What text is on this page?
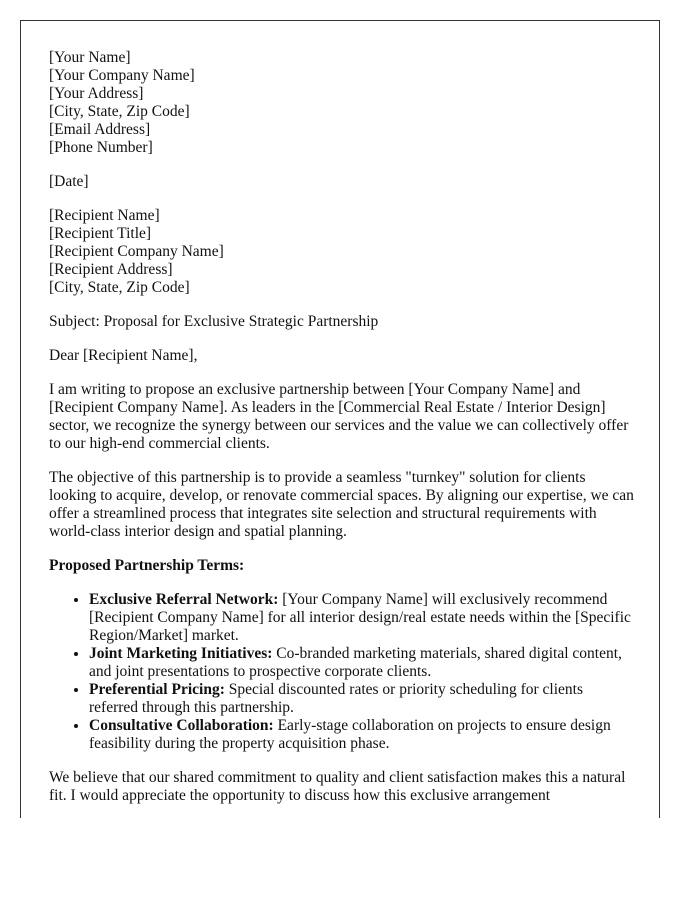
[Your Name]
[Your Company Name]
[Your Address]
[City, State, Zip Code]
[Email Address]
[Phone Number]
[Date]
[Recipient Name]
[Recipient Title]
[Recipient Company Name]
[Recipient Address]
[City, State, Zip Code]
Subject: Proposal for Exclusive Strategic Partnership
Dear [Recipient Name],

I am writing to propose an exclusive partnership between [Your Company Name] and [Recipient Company Name]. As leaders in the [Commercial Real Estate / Interior Design] sector, we recognize the synergy between our services and the value we can collectively offer to our high-end commercial clients.

The objective of this partnership is to provide a seamless "turnkey" solution for clients looking to acquire, develop, or renovate commercial spaces. By aligning our expertise, we can offer a streamlined process that integrates site selection and structural requirements with world-class interior design and spatial planning.

Proposed Partnership Terms:
• Exclusive Referral Network: [Your Company Name] will exclusively recommend [Recipient Company Name] for all interior design/real estate needs within the [Specific Region/Market] market.
• Joint Marketing Initiatives: Co-branded marketing materials, shared digital content, and joint presentations to prospective corporate clients.
• Preferential Pricing: Special discounted rates or priority scheduling for clients referred through this partnership.
• Consultative Collaboration: Early-stage collaboration on projects to ensure design feasibility during the property acquisition phase.

We believe that our shared commitment to quality and client satisfaction makes this a natural fit. I would appreciate the opportunity to discuss how this exclusive arrangement
